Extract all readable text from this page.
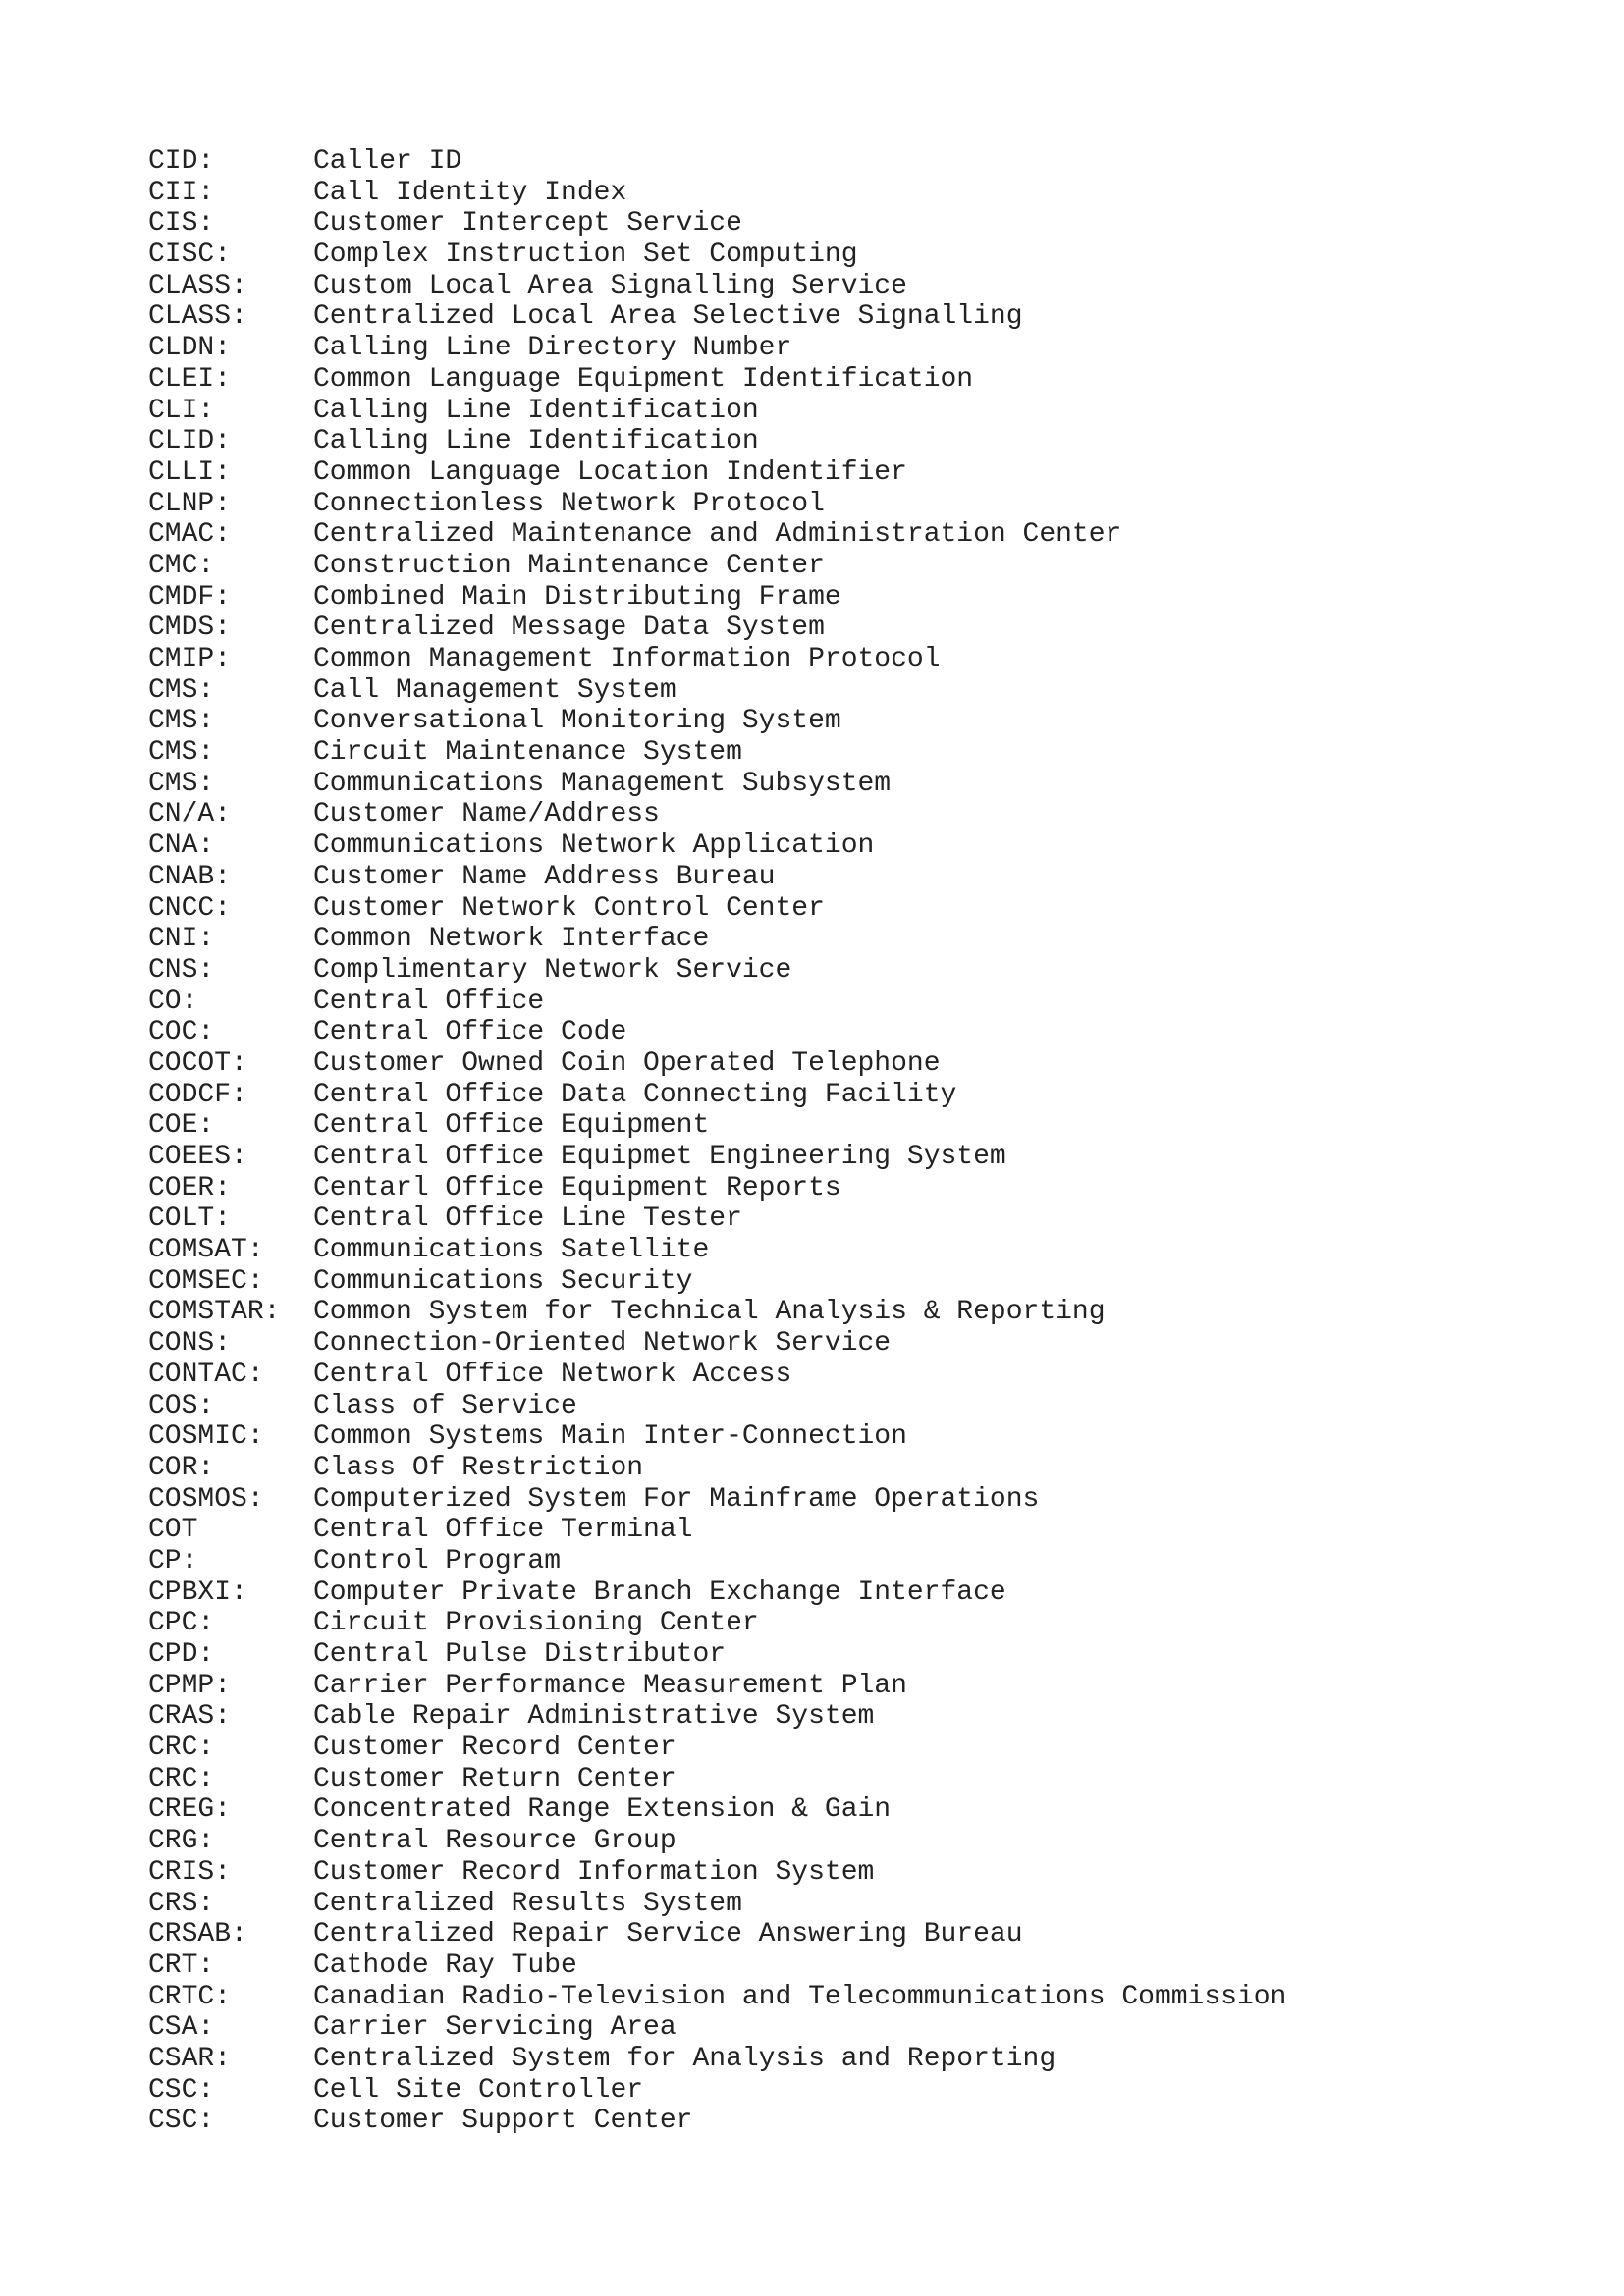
CID:	Caller ID
CII:	Call Identity Index
CIS:	Customer Intercept Service
CISC:	Complex Instruction Set Computing
CLASS:	Custom Local Area Signalling Service
CLASS:	Centralized Local Area Selective Signalling
CLDN:	Calling Line Directory Number
CLEI:	Common Language Equipment Identification
CLI:	Calling Line Identification
CLID:	Calling Line Identification
CLLI:	Common Language Location Indentifier
CLNP:	Connectionless Network Protocol
CMAC:	Centralized Maintenance and Administration Center
CMC:	Construction Maintenance Center
CMDF:	Combined Main Distributing Frame
CMDS:	Centralized Message Data System
CMIP:	Common Management Information Protocol
CMS:	Call Management System
CMS:	Conversational Monitoring System
CMS:	Circuit Maintenance System
CMS:	Communications Management Subsystem
CN/A:	Customer Name/Address
CNA:	Communications Network Application
CNAB:	Customer Name Address Bureau
CNCC:	Customer Network Control Center
CNI:	Common Network Interface
CNS:	Complimentary Network Service
CO:	Central Office
COC:	Central Office Code
COCOT:	Customer Owned Coin Operated Telephone
CODCF:	Central Office Data Connecting Facility
COE:	Central Office Equipment
COEES:	Central Office Equipmet Engineering System
COER:	Centarl Office Equipment Reports
COLT:	Central Office Line Tester
COMSAT:	Communications Satellite
COMSEC:	Communications Security
COMSTAR:	Common System for Technical Analysis & Reporting
CONS:	Connection-Oriented Network Service
CONTAC:	Central Office Network Access
COS:	Class of Service
COSMIC:	Common Systems Main Inter-Connection
COR:	Class Of Restriction
COSMOS:	Computerized System For Mainframe Operations
COT	Central Office Terminal
CP:	Control Program
CPBXI:	Computer Private Branch Exchange Interface
CPC:	Circuit Provisioning Center
CPD:	Central Pulse Distributor
CPMP:	Carrier Performance Measurement Plan
CRAS:	Cable Repair Administrative System
CRC:	Customer Record Center
CRC:	Customer Return Center
CREG:	Concentrated Range Extension & Gain
CRG:	Central Resource Group
CRIS:	Customer Record Information System
CRS:	Centralized Results System
CRSAB:	Centralized Repair Service Answering Bureau
CRT:	Cathode Ray Tube
CRTC:	Canadian Radio-Television and Telecommunications Commission
CSA:	Carrier Servicing Area
CSAR:	Centralized System for Analysis and Reporting
CSC:	Cell Site Controller
CSC:	Customer Support Center
